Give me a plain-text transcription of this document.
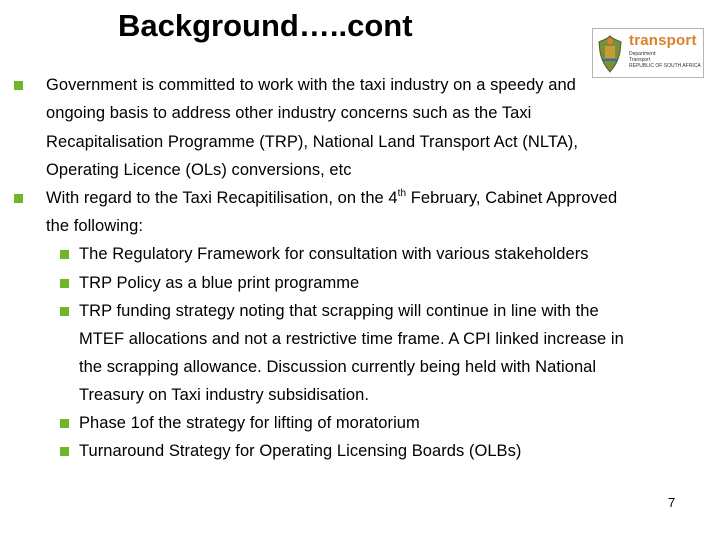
Background…..cont	transport
Department:
Transport
REPUBLIC OF SOUTH AFRICA
Government is committed to work with the taxi industry on a speedy and
ongoing basis to address other industry concerns such as the Taxi
Recapitalisation Programme (TRP), National Land Transport Act (NLTA),
Operating Licence (OLs) conversions, etc
With regard to the Taxi Recapitilisation, on the 4th February, Cabinet Approved
the following:
The Regulatory Framework for consultation with various stakeholders
TRP Policy as a blue print programme
TRP funding strategy noting that scrapping will continue in line with the
MTEF allocations and not a restrictive time frame. A CPI linked increase in
the scrapping allowance. Discussion currently being held with National
Treasury on Taxi industry subsidisation.
Phase 1of the strategy for lifting of moratorium
Turnaround Strategy for Operating Licensing Boards (OLBs)
7
